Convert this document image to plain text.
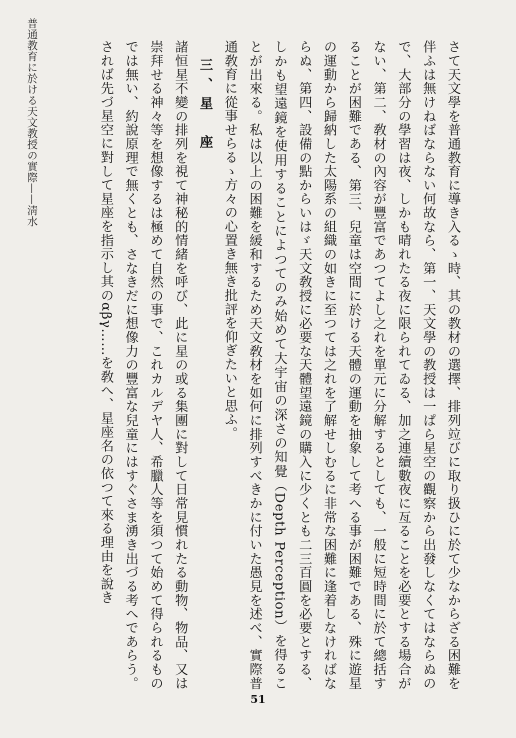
普通教育に於ける天文教授の實際——淸水	さて天文學を普通教育に導き入るゝ時、其の教材の選擇、排列竝びに取り扱ひに於て少なからざる困難を伴ふは無けねばならない何故なら、第一、天文學の教授は一ぱら星空の觀察から出發しなくてはならぬので、大部分の學習は夜、しかも晴れたる夜に限られてゐる、加之連續數夜に亙ることを必要とする場合がない、第二、敎材の內容が豐富であつてよし之れを單元に分解するとしても、一般に短時間に於て總括することが困難である、第三、兒童は空間に於ける天體の運動を抽象して考へる事が困難である、殊に遊星の運動から歸納した太陽系の組織の如きに至つては之れを了解せしむるに非常な困難に逢着しなければならぬ、第四、設備の點からいはゞ天文敎授に必要な天體望遠鏡の購入に少くとも二三百圓を必要とする、しかも望遠鏡を使用することによつてのみ始めて大宇宙の深さの知覺（Depth Perception）を得ることが出來る。私は以上の困難を緩和するため天文敎材を如何に排列すべきかに付いた愚見を述べ、實際普通敎育に從事せらるゝ方々の心置き無き批評を仰ぎたいと思ふ。

三、星　座

諸恒星不變の排列を視て神秘的情緒を呼び、此に星の或る集團に對して日常見慣れたる動物、物品、又は崇拜せる神々等を想像するは極めて自然の事で、これカルデヤ人、希臘人等を須つて始めて得られるものでは無い、約說原理で無くとも、さなきだに想像力の豐富な兒童にはすぐさま湧き出づる考へであらう。されば先づ星空に對して星座を指示し其のαβγ……を敎へ、星座名の依つて來る理由を說き

51
